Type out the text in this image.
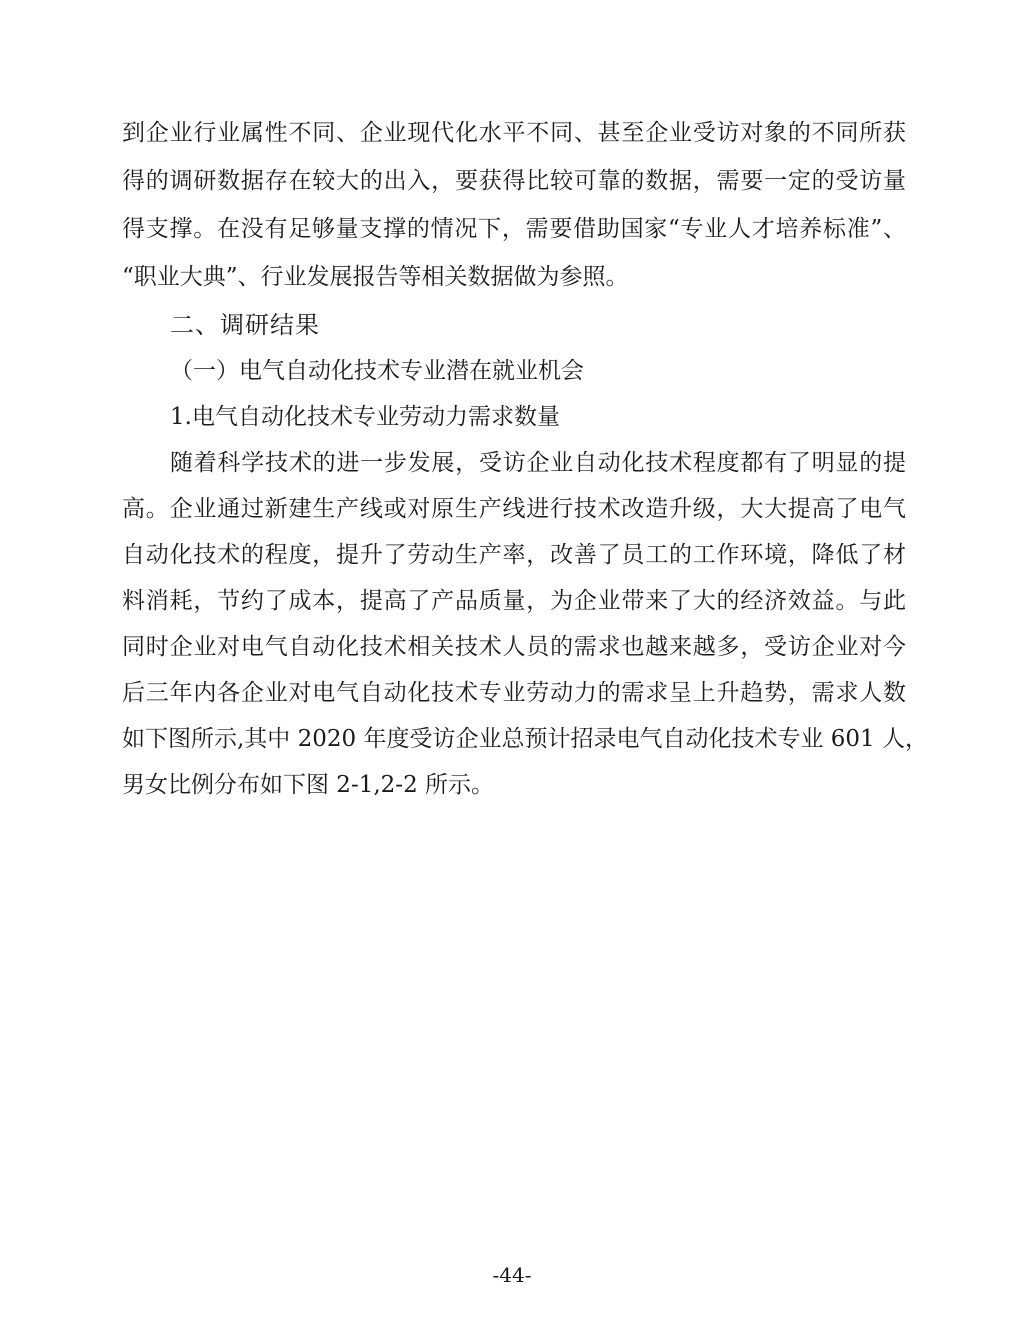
到企业行业属性不同、企业现代化水平不同、甚至企业受访对象的不同所获
得的调研数据存在较大的出入，要获得比较可靠的数据，需要一定的受访量
得支撑。在没有足够量支撑的情况下，需要借助国家“专业人才培养标准”、
“职业大典”、行业发展报告等相关数据做为参照。
二、调研结果
（一）电气自动化技术专业潜在就业机会
1.电气自动化技术专业劳动力需求数量
随着科学技术的进一步发展，受访企业自动化技术程度都有了明显的提
高。企业通过新建生产线或对原生产线进行技术改造升级，大大提高了电气
自动化技术的程度，提升了劳动生产率，改善了员工的工作环境，降低了材
料消耗，节约了成本，提高了产品质量，为企业带来了大的经济效益。与此
同时企业对电气自动化技术相关技术人员的需求也越来越多，受访企业对今
后三年内各企业对电气自动化技术专业劳动力的需求呈上升趋势，需求人数
如下图所示,其中 2020 年度受访企业总预计招录电气自动化技术专业 601 人，
男女比例分布如下图 2-1,2-2 所示。
-44-
